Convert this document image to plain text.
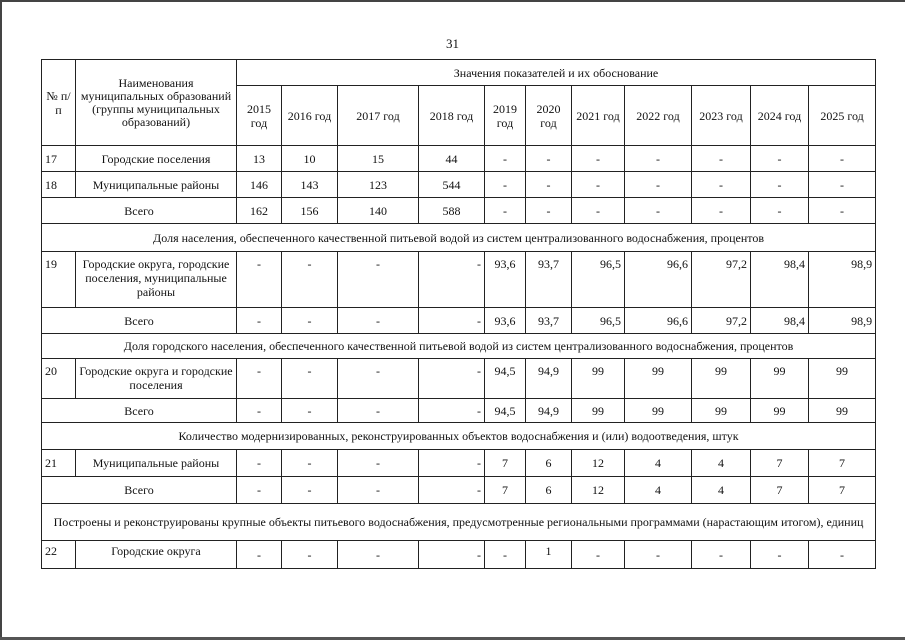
31
№ п/п	Наименования муниципальных образований (группы муниципальных образований)	Значения показателей и их обоснование										
		2015 год	2016 год	2017 год	2018 год	2019 год	2020 год	2021 год	2022 год	2023 год	2024 год	2025 год
17	Городские поселения	13	10	15	44	-	-	-	-	-	-	-
18	Муниципальные районы	146	143	123	544	-	-	-	-	-	-	-
Всего		162	156	140	588	-	-	-	-	-	-	-
Доля населения, обеспеченного качественной питьевой водой из систем централизованного водоснабжения, процентов												
19	Городские округа, городские поселения, муниципальные районы	-	-	-	-	93,6	93,7	96,5	96,6	97,2	98,4	98,9
Всего		-	-	-	-	93,6	93,7	96,5	96,6	97,2	98,4	98,9
Доля городского населения, обеспеченного качественной питьевой водой из систем централизованного водоснабжения, процентов												
20	Городские округа и городские поселения	-	-	-	-	94,5	94,9	99	99	99	99	99
Всего		-	-	-	-	94,5	94,9	99	99	99	99	99
Количество модернизированных, реконструированных объектов водоснабжения и (или) водоотведения, штук												
21	Муниципальные районы	-	-	-	-	7	6	12	4	4	7	7
Всего		-	-	-	-	7	6	12	4	4	7	7
Построены и реконструированы крупные объекты питьевого водоснабжения, предусмотренные региональными программами (нарастающим итогом), единиц												
22	Городские округа	-	-	-	-	-	1	-	-	-	-	-
